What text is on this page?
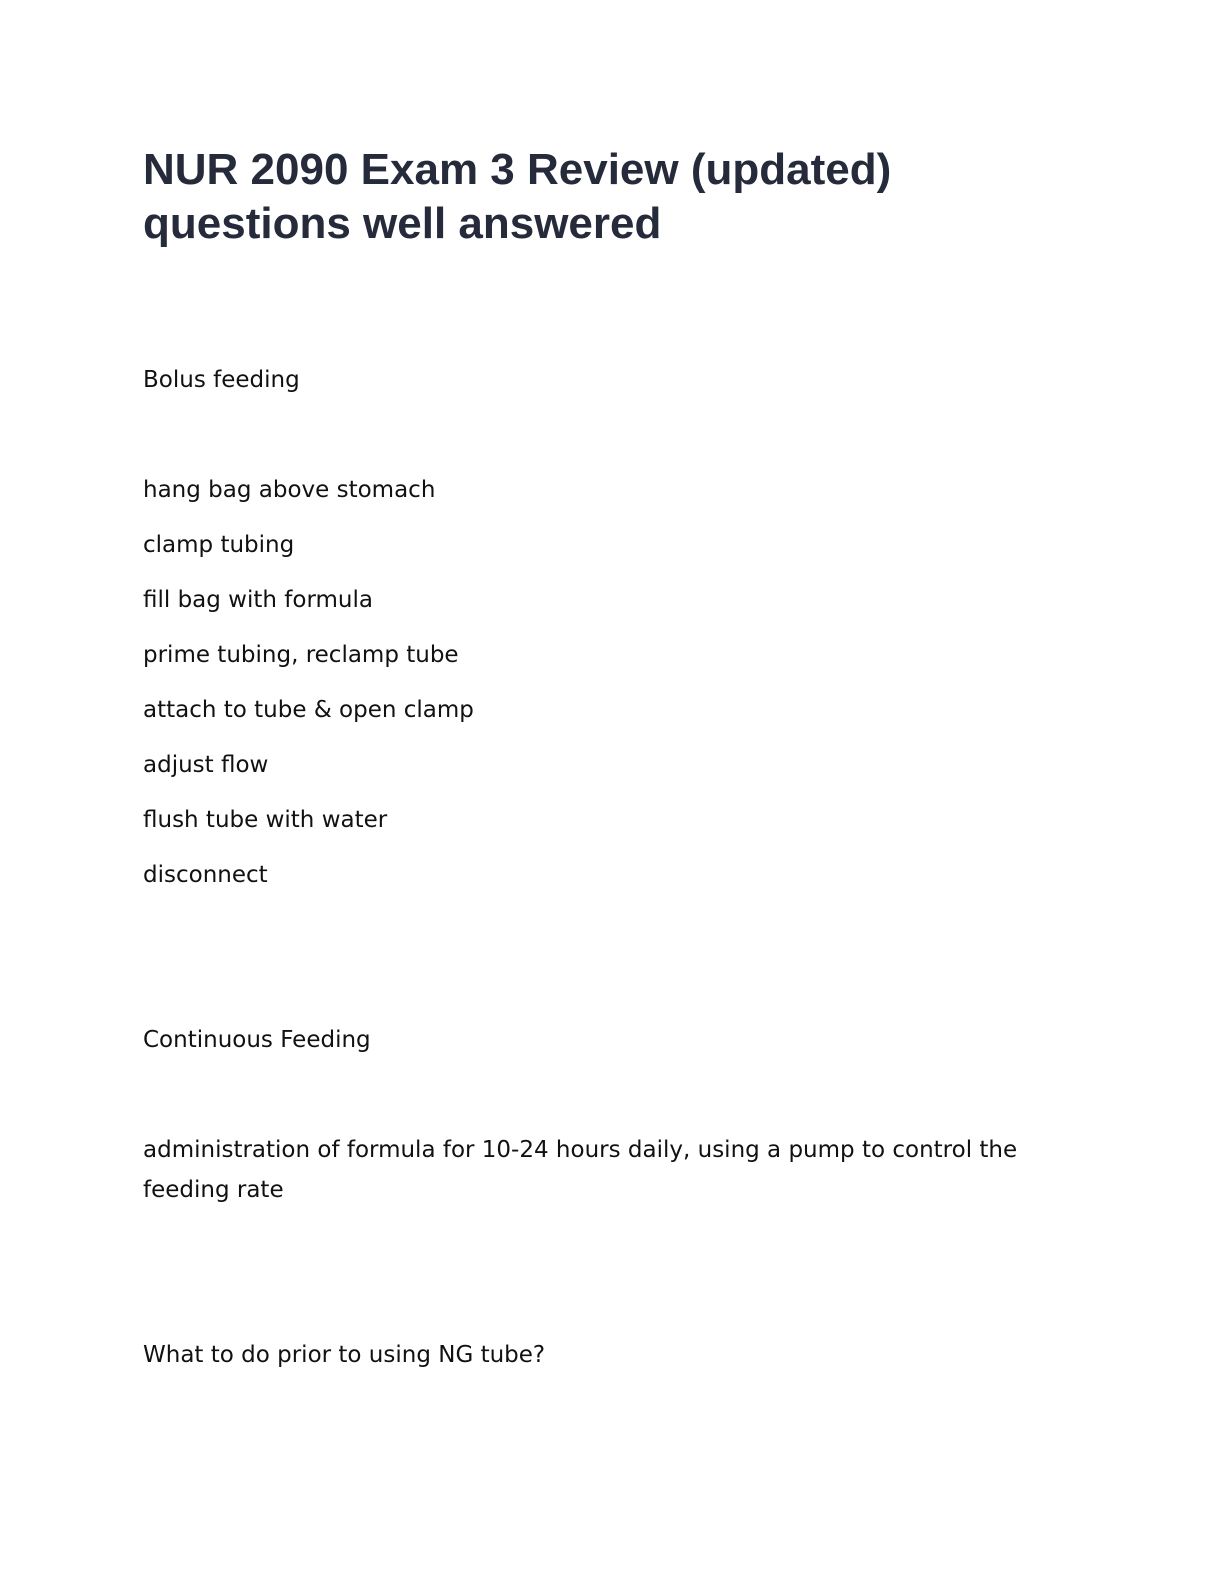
NUR 2090 Exam 3 Review (updated) questions well answered

Bolus feeding

hang bag above stomach

clamp tubing

fill bag with formula

prime tubing, reclamp tube

attach to tube & open clamp

adjust flow

flush tube with water

disconnect

Continuous Feeding

administration of formula for 10-24 hours daily, using a pump to control the feeding rate

What to do prior to using NG tube?
